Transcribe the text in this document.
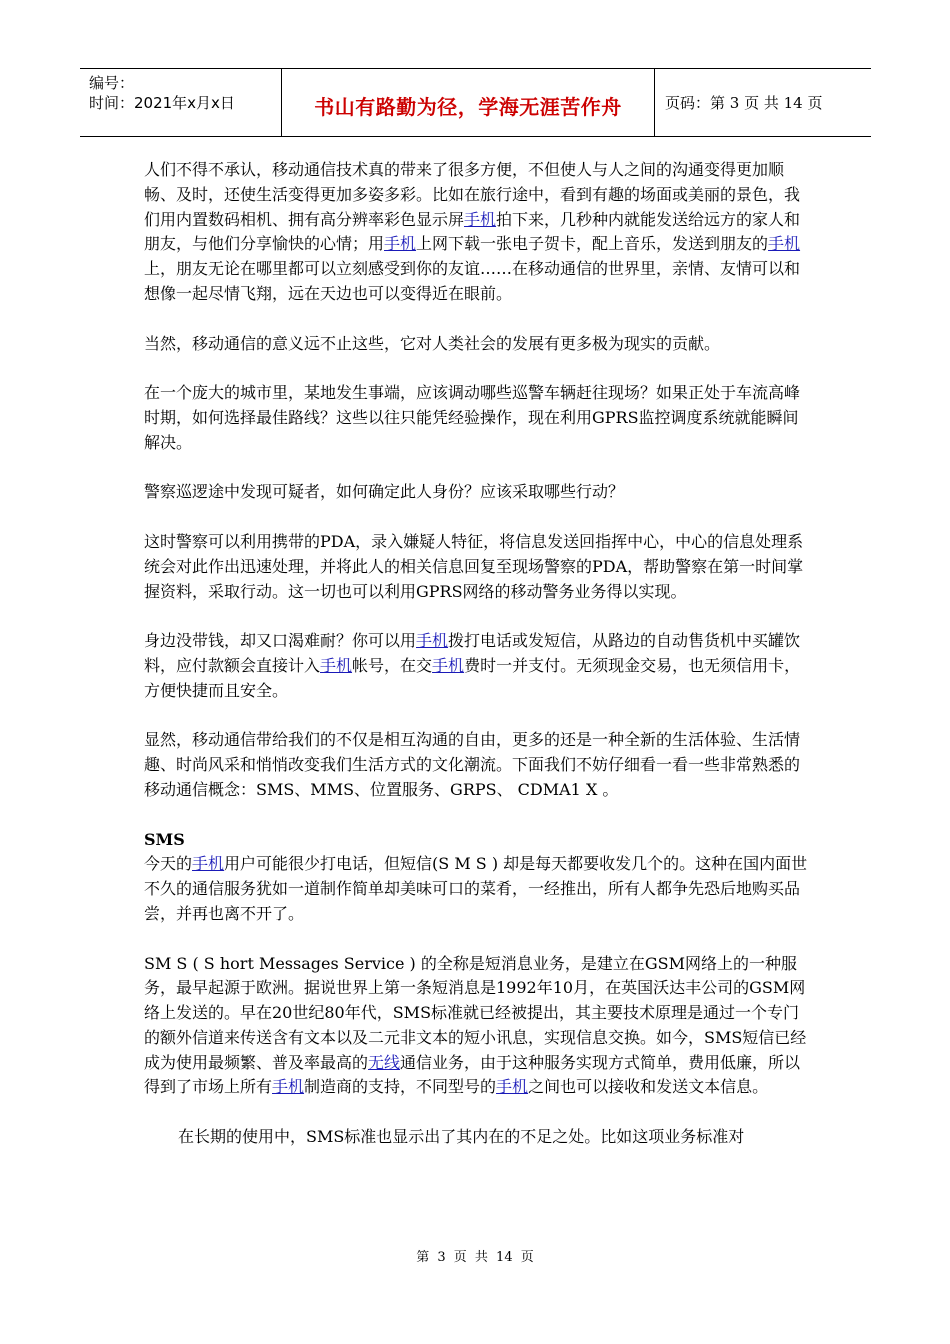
编号：
时间：2021年x月x日	书山有路勤为径，学海无涯苦作舟	页码：第 3 页 共 14 页

人们不得不承认，移动通信技术真的带来了很多方便，不但使人与人之间的沟通变得更加顺畅、及时，还使生活变得更加多姿多彩。比如在旅行途中，看到有趣的场面或美丽的景色，我们用内置数码相机、拥有高分辨率彩色显示屏手机拍下来，几秒种内就能发送给远方的家人和朋友，与他们分享愉快的心情；用手机上网下载一张电子贺卡，配上音乐，发送到朋友的手机上，朋友无论在哪里都可以立刻感受到你的友谊……在移动通信的世界里，亲情、友情可以和想像一起尽情飞翔，远在天边也可以变得近在眼前。

当然，移动通信的意义远不止这些，它对人类社会的发展有更多极为现实的贡献。

在一个庞大的城市里，某地发生事端，应该调动哪些巡警车辆赶往现场？如果正处于车流高峰时期，如何选择最佳路线？这些以往只能凭经验操作，现在利用GPRS监控调度系统就能瞬间解决。

警察巡逻途中发现可疑者，如何确定此人身份？应该采取哪些行动？

这时警察可以利用携带的PDA，录入嫌疑人特征，将信息发送回指挥中心，中心的信息处理系统会对此作出迅速处理，并将此人的相关信息回复至现场警察的PDA，帮助警察在第一时间掌握资料，采取行动。这一切也可以利用GPRS网络的移动警务业务得以实现。

身边没带钱，却又口渴难耐？你可以用手机拨打电话或发短信，从路边的自动售货机中买罐饮料，应付款额会直接计入手机帐号，在交手机费时一并支付。无须现金交易，也无须信用卡，方便快捷而且安全。

显然，移动通信带给我们的不仅是相互沟通的自由，更多的还是一种全新的生活体验、生活情趣、时尚风采和悄悄改变我们生活方式的文化潮流。下面我们不妨仔细看一看一些非常熟悉的移动通信概念：SMS、MMS、位置服务、GRPS、 CDMA1 X 。

SMS

今天的手机用户可能很少打电话，但短信(S M S ) 却是每天都要收发几个的。这种在国内面世不久的通信服务犹如一道制作简单却美味可口的菜肴，一经推出，所有人都争先恐后地购买品尝，并再也离不开了。

SM S ( S hort Messages Service ) 的全称是短消息业务，是建立在GSM网络上的一种服务，最早起源于欧洲。据说世界上第一条短消息是1992年10月，在英国沃达丰公司的GSM网络上发送的。早在20世纪80年代，SMS标准就已经被提出，其主要技术原理是通过一个专门的额外信道来传送含有文本以及二元非文本的短小讯息，实现信息交换。如今，SMS短信已经成为使用最频繁、普及率最高的无线通信业务，由于这种服务实现方式简单，费用低廉，所以得到了市场上所有手机制造商的支持，不同型号的手机之间也可以接收和发送文本信息。

在长期的使用中，SMS标准也显示出了其内在的不足之处。比如这项业务标准对

第 3 页 共 14 页
